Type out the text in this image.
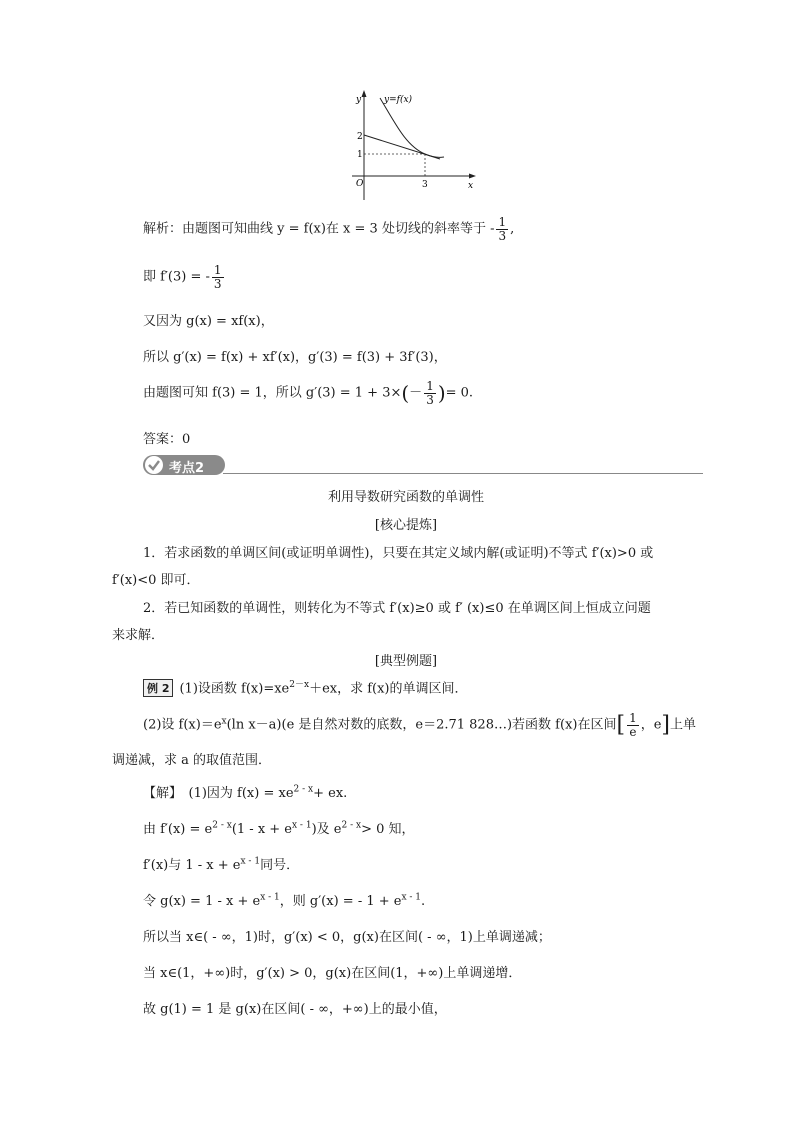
y
x
y=f(x)
2
1
O	3
解析：由题图可知曲线 y = f(x)在 x = 3 处切线的斜率等于 - $\frac{1}{3}$ ,
即 f′(3) = - $\frac{1}{3}$
又因为 g(x) = xf(x)，
所以 g′(x) = f(x) + xf′(x)，g′(3) = f(3) + 3f′(3)，
由题图可知 f(3) = 1，所以 $g'(3) = 1 + 3\times(- \frac{1}{3}$ )= 0.
答案：0
考点2
利用导数研究函数的单调性
[核心提炼]
1．若求函数的单调区间(或证明单调性)，只要在其定义域内解(或证明)不等式 f′(x)>0 或
f′(x)<0 即可．
2．若已知函数的单调性，则转化为不等式 f′(x)≥0 或 f′ (x)≤0 在单调区间上恒成立问题
来求解．
[典型例题]
例 2 (1)设函数 $f(x)=xe^{2-x}+ex$，求 f(x)的单调区间．
(2)设 $f(x)=e^x(\ln$ x－a)(e 是自然对数的底数，e＝2.71 828…)若函数 f(x)在区间[ $\frac{1}{e}$ ，e]上单
调递减，求 a 的取值范围．
【解】　(1)因为 $f(x) = xe^{2 - x}+$ ex.
由 $f'(x) = e^{2 - x}(1 - x + e^{x - 1})$及 $e^{2 - x}> 0$ 知，
f′(x)与 $1 - x + e^{x - 1}$同号．
令 $g(x) = 1 - x + e^{x - 1}$，则 g′(x) = - $1 + e^{x - 1}$.
所以当 x∈( - ∞，1)时，g′(x) < 0，g(x)在区间( - ∞，1)上单调递减；
当 x∈(1，+∞)时，g′(x) > 0，g(x)在区间(1，+∞)上单调递增．
故 g(1) = 1 是 g(x)在区间( - ∞，+∞)上的最小值，
